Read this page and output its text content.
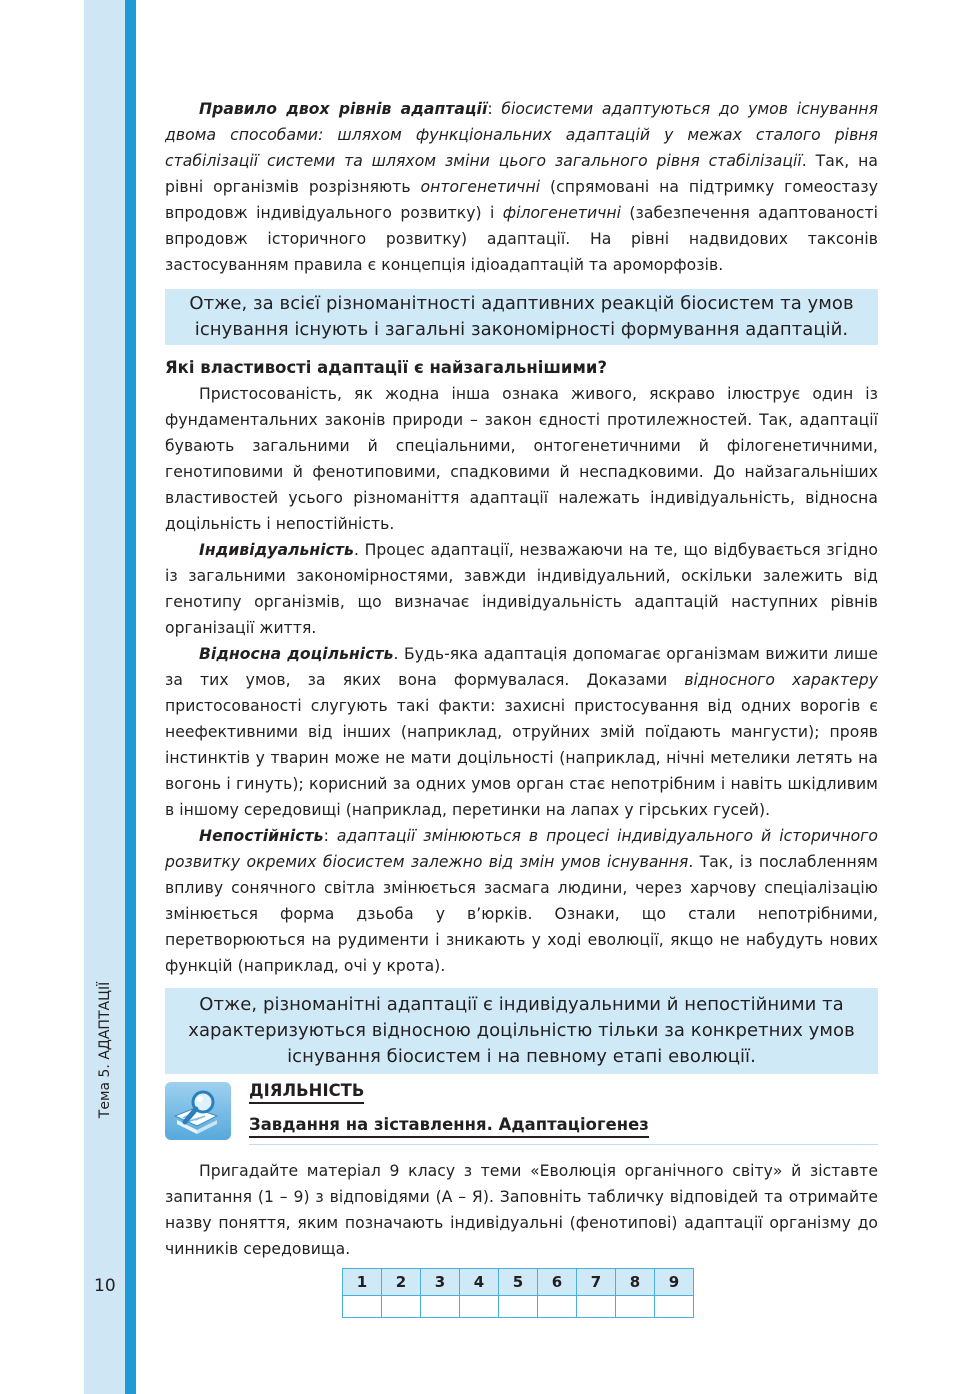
Тема 5. АДАПТАЦІЇ
10

Правило двох рівнів адаптації: біосистеми адаптуються до умов існування двома способами: шляхом функціональних адаптацій у межах сталого рівня стабілізації системи та шляхом зміни цього загального рівня стабілізації. Так, на рівні організмів розрізняють онтогенетичні (спрямовані на підтримку гомеостазу впродовж індивідуального розвитку) і філогенетичні (забезпечення адаптованості впродовж історичного розвитку) адаптації. На рівні надвидових таксонів застосуванням правила є концепція ідіоадаптацій та ароморфозів.

Отже, за всієї різноманітності адаптивних реакцій біосистем та умов
існування існують і загальні закономірності формування адаптацій.
Які властивості адаптації є найзагальнішими?

Пристосованість, як жодна інша ознака живого, яскраво ілюструє один із фундаментальних законів природи – закон єдності протилежностей. Так, адаптації бувають загальними й спеціальними, онтогенетичними й філогенетичними, генотиповими й фенотиповими, спадковими й неспадковими. До найзагальніших властивостей усього різноманіття адаптації належать індивідуальність, відносна доцільність і непостійність.

Індивідуальність. Процес адаптації, незважаючи на те, що відбувається згідно із загальними закономірностями, завжди індивідуальний, оскільки залежить від генотипу організмів, що визначає індивідуальність адаптацій наступних рівнів організації життя.

Відносна доцільність. Будь-яка адаптація допомагає організмам вижити лише за тих умов, за яких вона формувалася. Доказами відносного характеру пристосованості слугують такі факти: захисні пристосування від одних ворогів є неефективними від інших (наприклад, отруйних змій поїдають мангусти); прояв інстинктів у тварин може не мати доцільності (наприклад, нічні метелики летять на вогонь і гинуть); корисний за одних умов орган стає непотрібним і навіть шкідливим в іншому середовищі (наприклад, перетинки на лапах у гірських гусей).

Непостійність: адаптації змінюються в процесі індивідуального й історичного розвитку окремих біосистем залежно від змін умов існування. Так, із послабленням впливу сонячного світла змінюється засмага людини, через харчову спеціалізацію змінюється форма дзьоба у в’юрків. Ознаки, що стали непотрібними, перетворюються на рудименти і зникають у ході еволюції, якщо не набудуть нових функцій (наприклад, очі у крота).

Отже, різноманітні адаптації є індивідуальними й непостійними та
характеризуються відносною доцільністю тільки за конкретних умов
існування біосистем і на певному етапі еволюції.
ДІЯЛЬНІСТЬ
Завдання на зіставлення. Адаптаціогенез

Пригадайте матеріал 9 класу з теми «Еволюція органічного світу» й зіставте запитання (1 – 9) з відповідями (А – Я). Заповніть табличку відповідей та отримайте назву поняття, яким позначають індивідуальні (фенотипові) адаптації організму до чинників середовища.

1	2	3	4	5	6	7	8	9
